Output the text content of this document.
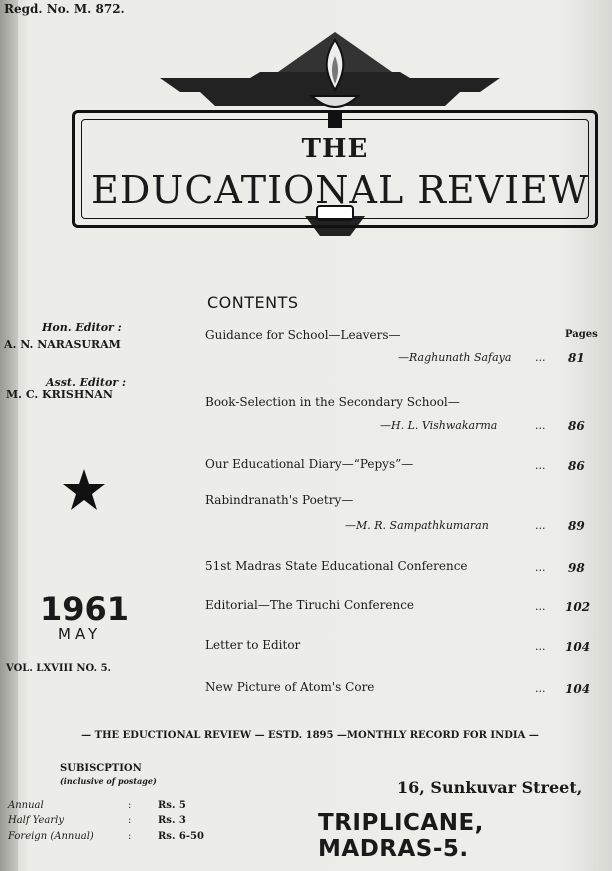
Regd. No. M. 872.
THE
EDUCATIONAL REVIEW
Hon. Editor :
A. N. NARASURAM
Asst. Editor :
M. C. KRISHNAN
1961
MAY
VOL. LXVIII NO. 5.
CONTENTS
Pages
Guidance for School—Leavers—
—Raghunath Safaya ... 81
Book-Selection in the Secondary School—
—H. L. Vishwakarma	... 86
Our Educational Diary—“Pepys”—	... 86
Rabindranath's Poetry—
—M. R. Sampathkumaran	... 89
51st Madras State Educational Conference	... 98
Editorial—The Tiruchi Conference	... 102
Letter to Editor	... 104
New Picture of Atom's Core	... 104
— THE EDUCTIONAL REVIEW — ESTD. 1895 —MONTHLY RECORD FOR INDIA —
SUBISCPTION
(inclusive of postage)
Annual	:	Rs. 5
Half Yearly	:	Rs. 3
Foreign (Annual)	:	Rs. 6-50
16, Sunkuvar Street,
TRIPLICANE, MADRAS-5.
